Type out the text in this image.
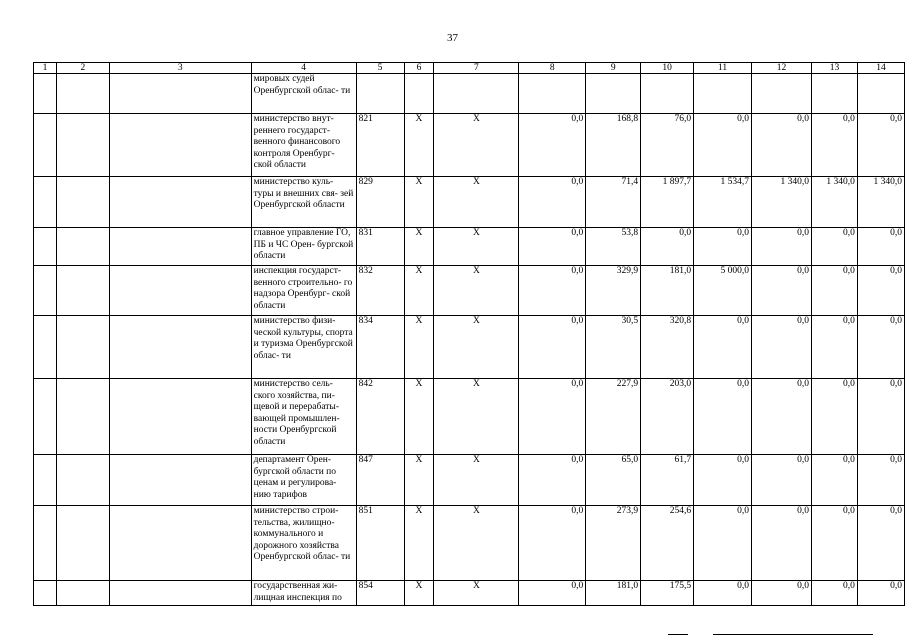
37
1	2	3	4	5	6	7	8	9	10	11	12	13	14
			мировых судей Оренбургской облас- ти										
			министерство внут- реннего государст- венного финансового контроля Оренбург- ской области	821	X	X	0,0	168,8	76,0	0,0	0,0	0,0	0,0
			министерство куль- туры и внешних свя- зей Оренбургской области	829	X	X	0,0	71,4	1 897,7	1 534,7	1 340,0	1 340,0	1 340,0
			главное управление ГО, ПБ и ЧС Орен- бургской области	831	X	X	0,0	53,8	0,0	0,0	0,0	0,0	0,0
			инспекция государст- венного строительно- го надзора Оренбург- ской области	832	X	X	0,0	329,9	181,0	5 000,0	0,0	0,0	0,0
			министерство физи- ческой культуры, спорта и туризма Оренбургской облас- ти	834	X	X	0,0	30,5	320,8	0,0	0,0	0,0	0,0
			министерство сель- ского хозяйства, пи- щевой и перерабаты- вающей промышлен- ности Оренбургской области	842	X	X	0,0	227,9	203,0	0,0	0,0	0,0	0,0
			департамент Орен- бургской области по ценам и регулирова- нию тарифов	847	X	X	0,0	65,0	61,7	0,0	0,0	0,0	0,0
			министерство строи- тельства, жилищно- коммунального и дорожного хозяйства Оренбургской облас- ти	851	X	X	0,0	273,9	254,6	0,0	0,0	0,0	0,0
			государственная жи- лищная инспекция по	854	X	X	0,0	181,0	175,5	0,0	0,0	0,0	0,0
